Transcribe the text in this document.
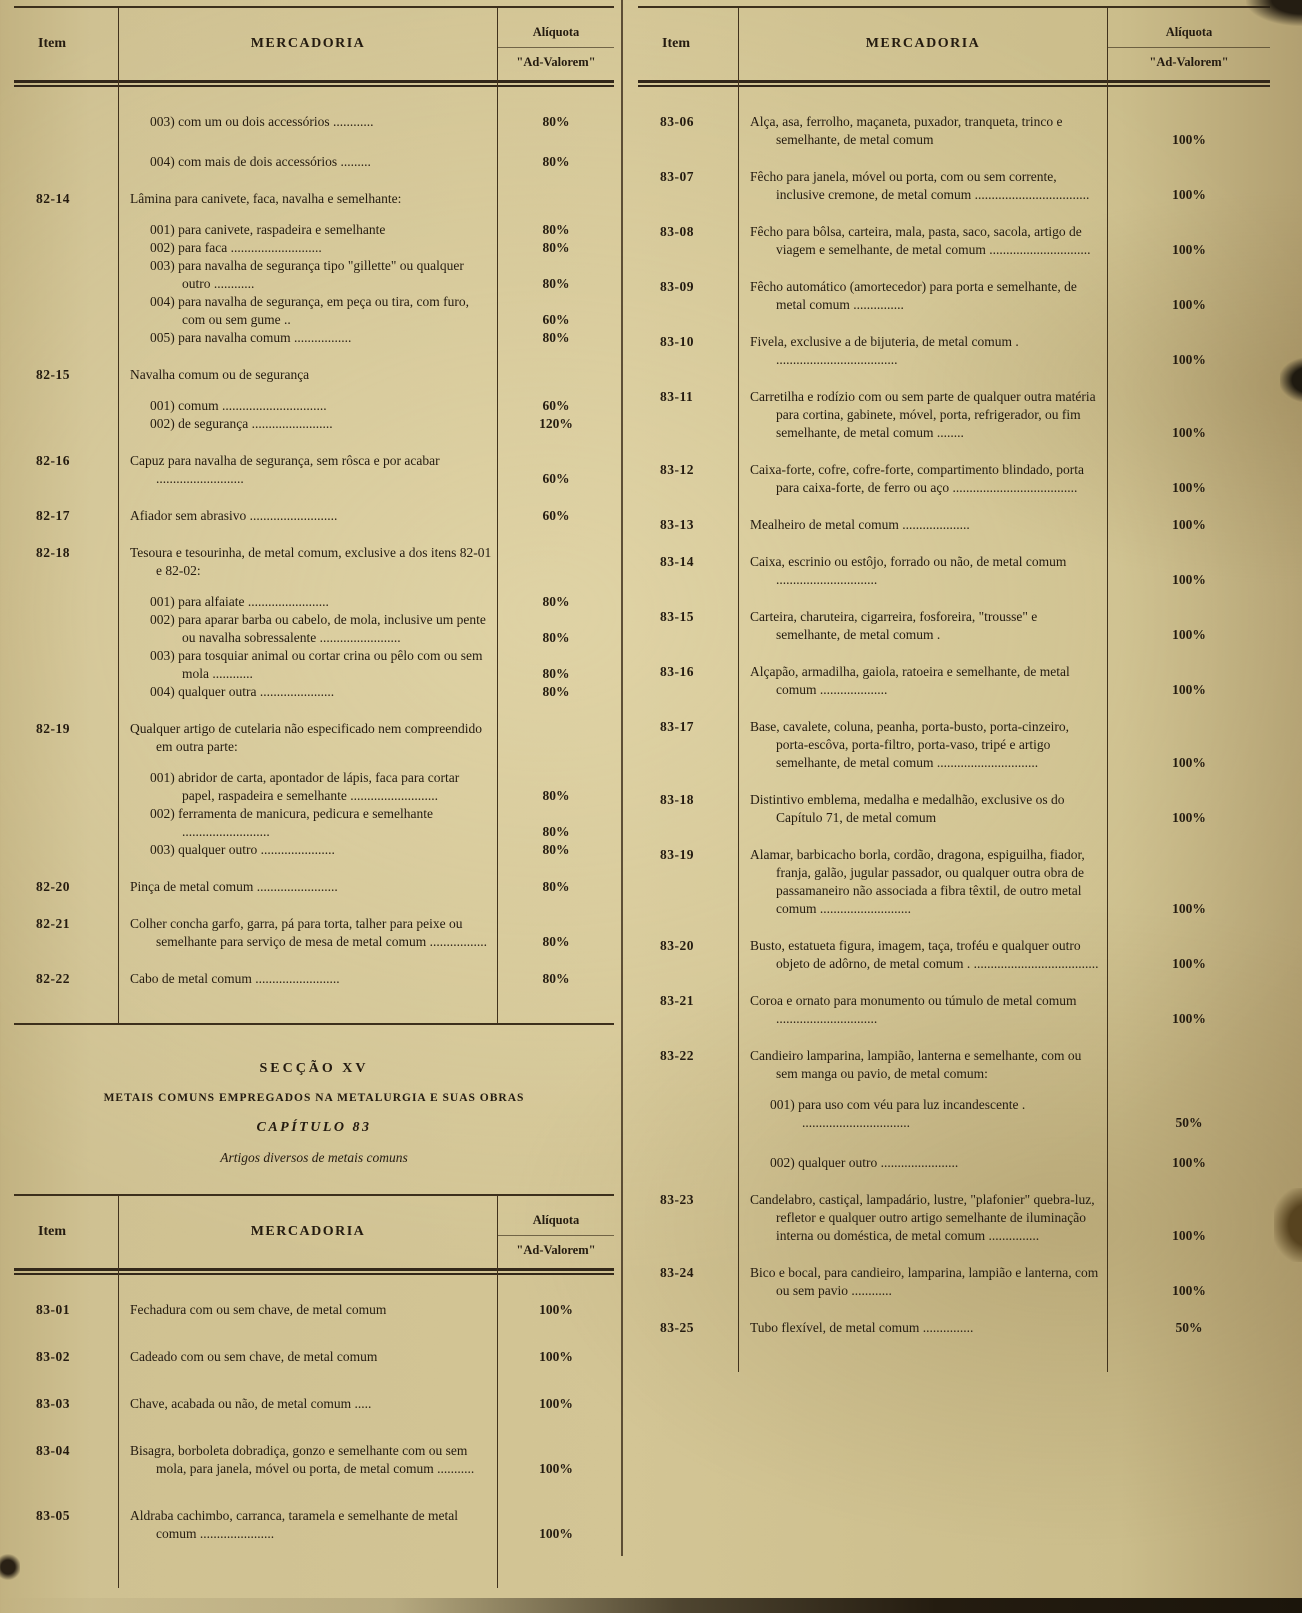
Item	MERCADORIA
Alíquota
"Ad-Valorem"
003) com um ou dois accessórios ............	80%
004) com mais de dois accessórios .........	80%
82-14	Lâmina para canivete, faca, navalha e semelhante:
001) para canivete, raspadeira e semelhante	80%
002) para faca ...........................	80%
003) para navalha de segurança tipo "gillette" ou qualquer outro ............	80%
004) para navalha de segurança, em peça ou tira, com furo, com ou sem gume ..	60%
005) para navalha comum .................	80%
82-15	Navalha comum ou de segurança
001) comum ...............................	60%
002) de segurança ........................	120%
82-16	Capuz para navalha de segurança, sem rôsca e por acabar ..........................	60%
82-17	Afiador sem abrasivo ..........................	60%
82-18	Tesoura e tesourinha, de metal comum, exclusive a dos itens 82-01 e 82-02:
001) para alfaiate ........................	80%
002) para aparar barba ou cabelo, de mola, inclusive um pente ou navalha sobressalente ........................	80%
003) para tosquiar animal ou cortar crina ou pêlo com ou sem mola ............	80%
004) qualquer outra ......................	80%
82-19	Qualquer artigo de cutelaria não especificado nem compreendido em outra parte:
001) abridor de carta, apontador de lápis, faca para cortar papel, raspadeira e semelhante ..........................	80%
002) ferramenta de manicura, pedicura e semelhante ..........................	80%
003) qualquer outro ......................	80%
82-20	Pinça de metal comum ........................	80%
82-21	Colher concha garfo, garra, pá para torta, talher para peixe ou semelhante para serviço de mesa de metal comum .................	80%
82-22	Cabo de metal comum .........................	80%
SECÇÃO XV
METAIS COMUNS EMPREGADOS NA METALURGIA E SUAS OBRAS
CAPÍTULO 83
Artigos diversos de metais comuns
Item	MERCADORIA
Alíquota
"Ad-Valorem"
83-01	Fechadura com ou sem chave, de metal comum	100%
83-02	Cadeado com ou sem chave, de metal comum	100%
83-03	Chave, acabada ou não, de metal comum .....	100%
83-04	Bisagra, borboleta dobradiça, gonzo e semelhante com ou sem mola, para janela, móvel ou porta, de metal comum ...........	100%
83-05	Aldraba cachimbo, carranca, taramela e semelhante de metal comum ......................	100%
Item	MERCADORIA
Alíquota
"Ad-Valorem"
83-06	Alça, asa, ferrolho, maçaneta, puxador, tranqueta, trinco e semelhante, de metal comum	100%
83-07	Fêcho para janela, móvel ou porta, com ou sem corrente, inclusive cremone, de metal comum ..................................	100%
83-08	Fêcho para bôlsa, carteira, mala, pasta, saco, sacola, artigo de viagem e semelhante, de metal comum ..............................	100%
83-09	Fêcho automático (amortecedor) para porta e semelhante, de metal comum ...............	100%
83-10	Fivela, exclusive a de bijuteria, de metal comum . ....................................	100%
83-11	Carretilha e rodízio com ou sem parte de qualquer outra matéria para cortina, gabinete, móvel, porta, refrigerador, ou fim semelhante, de metal comum ........	100%
83-12	Caixa-forte, cofre, cofre-forte, compartimento blindado, porta para caixa-forte, de ferro ou aço .....................................	100%
83-13	Mealheiro de metal comum ....................	100%
83-14	Caixa, escrinio ou estôjo, forrado ou não, de metal comum ..............................	100%
83-15	Carteira, charuteira, cigarreira, fosforeira, "trousse" e semelhante, de metal comum .	100%
83-16	Alçapão, armadilha, gaiola, ratoeira e semelhante, de metal comum ....................	100%
83-17	Base, cavalete, coluna, peanha, porta-busto, porta-cinzeiro, porta-escôva, porta-filtro, porta-vaso, tripé e artigo semelhante, de metal comum ..............................	100%
83-18	Distintivo emblema, medalha e medalhão, exclusive os do Capítulo 71, de metal comum	100%
83-19	Alamar, barbicacho borla, cordão, dragona, espiguilha, fiador, franja, galão, jugular passador, ou qualquer outra obra de passamaneiro não associada a fibra têxtil, de outro metal comum ...........................	100%
83-20	Busto, estatueta figura, imagem, taça, troféu e qualquer outro objeto de adôrno, de metal comum . .....................................	100%
83-21	Coroa e ornato para monumento ou túmulo de metal comum ..............................	100%
83-22	Candieiro lamparina, lampião, lanterna e semelhante, com ou sem manga ou pavio, de metal comum:
001) para uso com véu para luz incandescente . ................................	50%
002) qualquer outro .......................	100%
83-23	Candelabro, castiçal, lampadário, lustre, "plafonier" quebra-luz, refletor e qualquer outro artigo semelhante de iluminação interna ou doméstica, de metal comum ...............	100%
83-24	Bico e bocal, para candieiro, lamparina, lampião e lanterna, com ou sem pavio ............	100%
83-25	Tubo flexível, de metal comum ...............	50%
